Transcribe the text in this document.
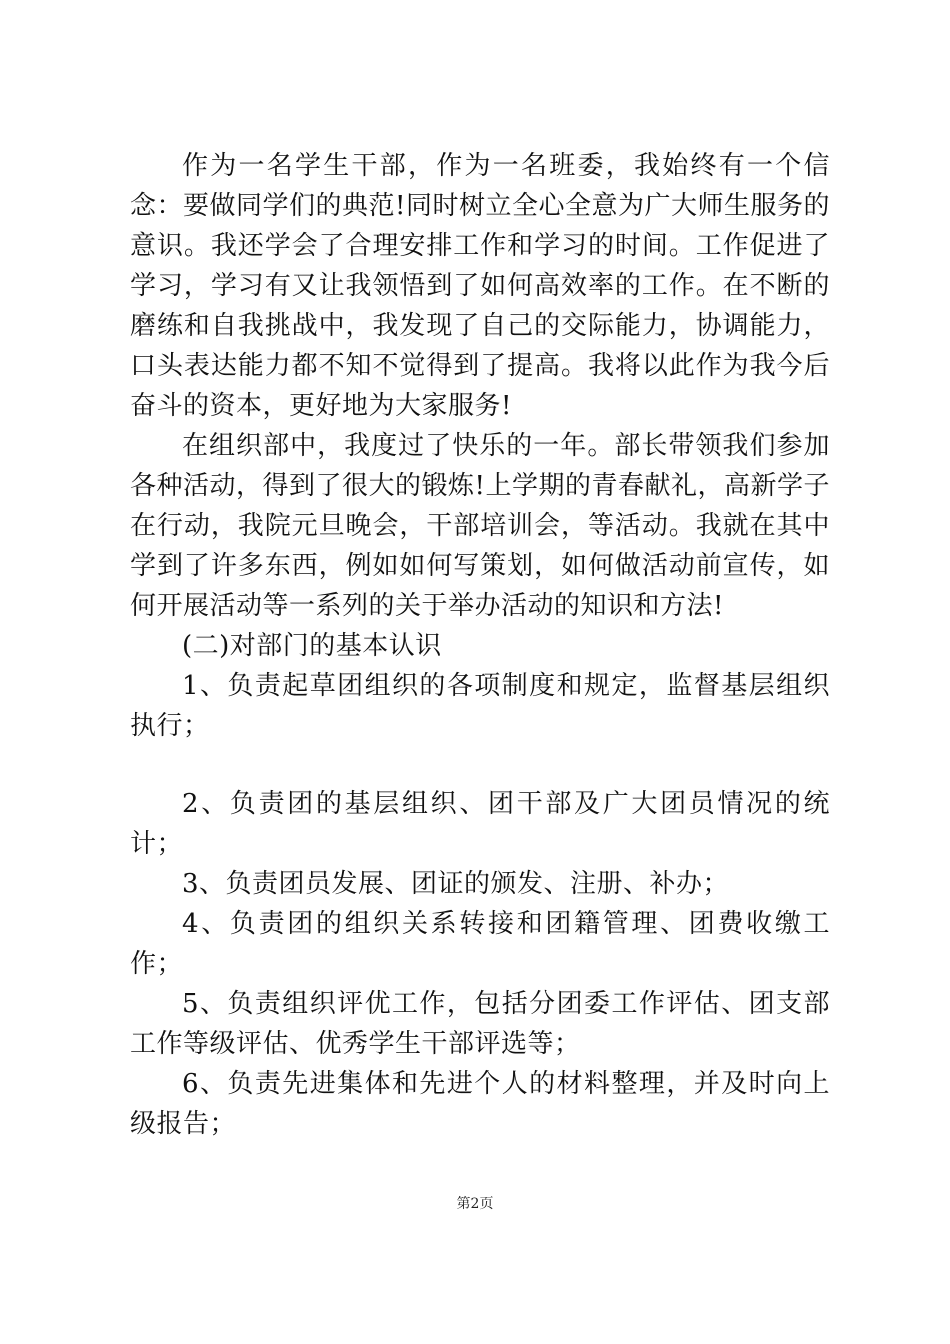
作为一名学生干部，作为一名班委，我始终有一个信念：要做同学们的典范!同时树立全心全意为广大师生服务的意识。我还学会了合理安排工作和学习的时间。工作促进了学习，学习有又让我领悟到了如何高效率的工作。在不断的磨练和自我挑战中，我发现了自己的交际能力，协调能力，口头表达能力都不知不觉得到了提高。我将以此作为我今后奋斗的资本，更好地为大家服务!

在组织部中，我度过了快乐的一年。部长带领我们参加各种活动，得到了很大的锻炼!上学期的青春献礼，高新学子在行动，我院元旦晚会，干部培训会，等活动。我就在其中学到了许多东西，例如如何写策划，如何做活动前宣传，如何开展活动等一系列的关于举办活动的知识和方法!

(二)对部门的基本认识

1、负责起草团组织的各项制度和规定，监督基层组织执行；

2、负责团的基层组织、团干部及广大团员情况的统计；

3、负责团员发展、团证的颁发、注册、补办；

4、负责团的组织关系转接和团籍管理、团费收缴工作；

5、负责组织评优工作，包括分团委工作评估、团支部工作等级评估、优秀学生干部评选等；

6、负责先进集体和先进个人的材料整理，并及时向上级报告；

第2页
